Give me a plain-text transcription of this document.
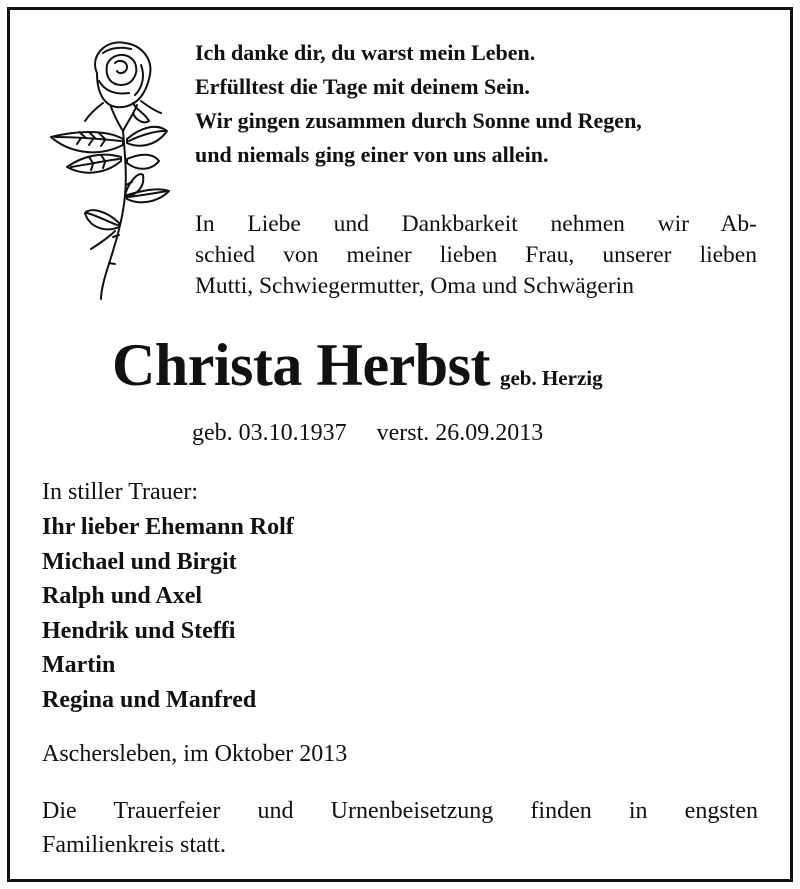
Ich danke dir, du warst mein Leben.
Erfülltest die Tage mit deinem Sein.
Wir gingen zusammen durch Sonne und Regen,
und niemals ging einer von uns allein.
In Liebe und Dankbarkeit nehmen wir Ab-
schied von meiner lieben Frau, unserer lieben
Mutti, Schwiegermutter, Oma und Schwägerin
Christa Herbst geb. Herzig
geb. 03.10.1937 verst. 26.09.2013
In stiller Trauer:
Ihr lieber Ehemann Rolf
Michael und Birgit
Ralph und Axel
Hendrik und Steffi
Martin
Regina und Manfred
Aschersleben, im Oktober 2013
Die Trauerfeier und Urnenbeisetzung finden in engsten
Familienkreis statt.
